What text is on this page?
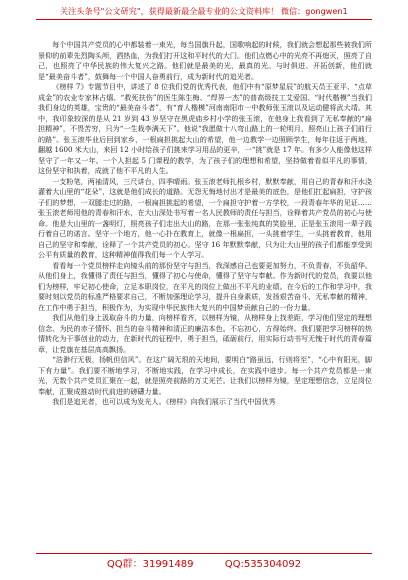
关注头条号"公文研究"，获得最新最全最专业的公文资料库！ 微信：gongwen1

每个中国共产党员的心中都装着一束光，每当国旗升起，国歌响起的时候，我们就会想起那些被我们所景仰的前辈先烈陶头颅，洒热血，为我们打开这和平时代的大门。他们点燃心中的光亮不再熄灭，照亮了自己，也照亮了中华民族的伟大复兴之路。他们就是最美的光，最真的光。与时俱进、开拓创新，他们就是“最美奋斗者”，鼓舞每一个中国人奋勇前行，成为新时代的追光者。

《榜样 7》专题节目中，讲述了 8 位我们党的优秀代表，他们中有“原梦星辰”的航天员王亚平、“点草成金”的农业专家林占熺、“救死扶伤”的医生陈生梅、“焊界一杰”的普高级技工艾爱国、“时代楷模”当我们我们身边的英雄，宝贵的“最美奋斗者”，有“育人楷模”河南南阳市一中教师张玉滚以及运动健将武大靖。其中，我印象较深的是从 21 岁到 43 岁坚守在黑虎庙乡村小学的张玉滚，在他身上我看到了无私奉献的“扁担精神”，不畏苦穷，只为“一生栽李满天下”。他说“我愿做十八弯山路上的一轮明月，照亮山上孩子们前行的路”。张玉滚毕业后回到家乡，一根扁担挑起大山的希望，他一边教学一边照顾学生，每年往返于两地，翻越 1600 米大山，来回 12 小时给孩子们挑来学习用品的更辛，一“挑”就是 17 年。有多少人能像他这样坚守了一年又一年。一个人担起 5 门课程的教学，为了孩子们的理想和希望，坚持做着看似平凡的事情，这份坚守和执着，成就了他不平凡的人生。

一支粉笔，两袖清风，三尺讲台，四季晴雨。张玉滚老师扎根乡村，默默奉献，用自己的青春和汗水浇灌着大山里的“花朵”，这就是他们成长的道路。无怨无悔地付出才是最美的底色，是他们扛起扁担，守护孩子们的梦想，一双腿走过的路，一根扁担挑起的希望，一个扁担守护着一方学校，一段青春年华的见证……张玉滚老师用他的青春和汗水，在大山深处书写着一名人民教师的责任与担当，诠释着共产党员的初心与使命。他是大山里的一盏明灯，照亮孩子们走出大山的路，在那一张张纯真的笑脸里，正是张玉滚用一辈子践行着自己的诺言。坚守一个地方，他一心扑在教育上，就像一根扁担，一头挑着学生，一头挑着教育，他用自己的坚守和奉献，诠释了一个共产党员的初心。坚守 16 年默默奉献，只为让大山里的孩子们都能享受到公平有质量的教育，这种精神值得我们每一个人学习。

看看每一个党员榜样走向镜头前的那份坚守与担当，我深感自己也要更加努力，不负青春，不负韶华。从他们身上，我懂得了责任与担当，懂得了初心与使命，懂得了坚守与奉献。作为新时代的党员，我要以他们为榜样，牢记初心使命，立足本职岗位，在平凡的岗位上做出不平凡的业绩。在今后的工作和学习中，我要时刻以党员的标准严格要求自己，不断加强理论学习，提升自身素质，发扬艰苦奋斗、无私奉献的精神，在工作中勇于担当，积极作为，为实现中华民族伟大复兴的中国梦贡献自己的一份力量。

我们从他们身上汲取奋斗的力量，向榜样看齐，以榜样为镜，从榜样身上找差距，学习他们坚定的理想信念、为民的赤子情怀、担当的奋斗精神和清正的廉洁本色。不忘初心，方得始终。我们要把学习榜样的热情转化为干事创业的动力，在新时代的征程中，勇于担当，砥砺前行，用实际行动书写无愧于时代的青春篇章，让党旗在基层高高飘扬。

“浩渺行无极，扬帆但信风”。在这广阔无垠的天地间，要明白“路虽远，行则将至”，“心中有阳光，脚下有力量”。我们要不断地学习，不断地实践，在学习中成长，在实践中进步。每一个共产党员都是一束光，无数个共产党员汇聚在一起，就是照亮前路的万丈光芒。让我们以榜样为镜，坚定理想信念，立足岗位奉献，汇聚成推动时代前进的磅礴力量。

我们是追光者，也可以成为发光人。《榜样》向我们展示了当代中国优秀

QQ群：31991489	QQ:535304092
